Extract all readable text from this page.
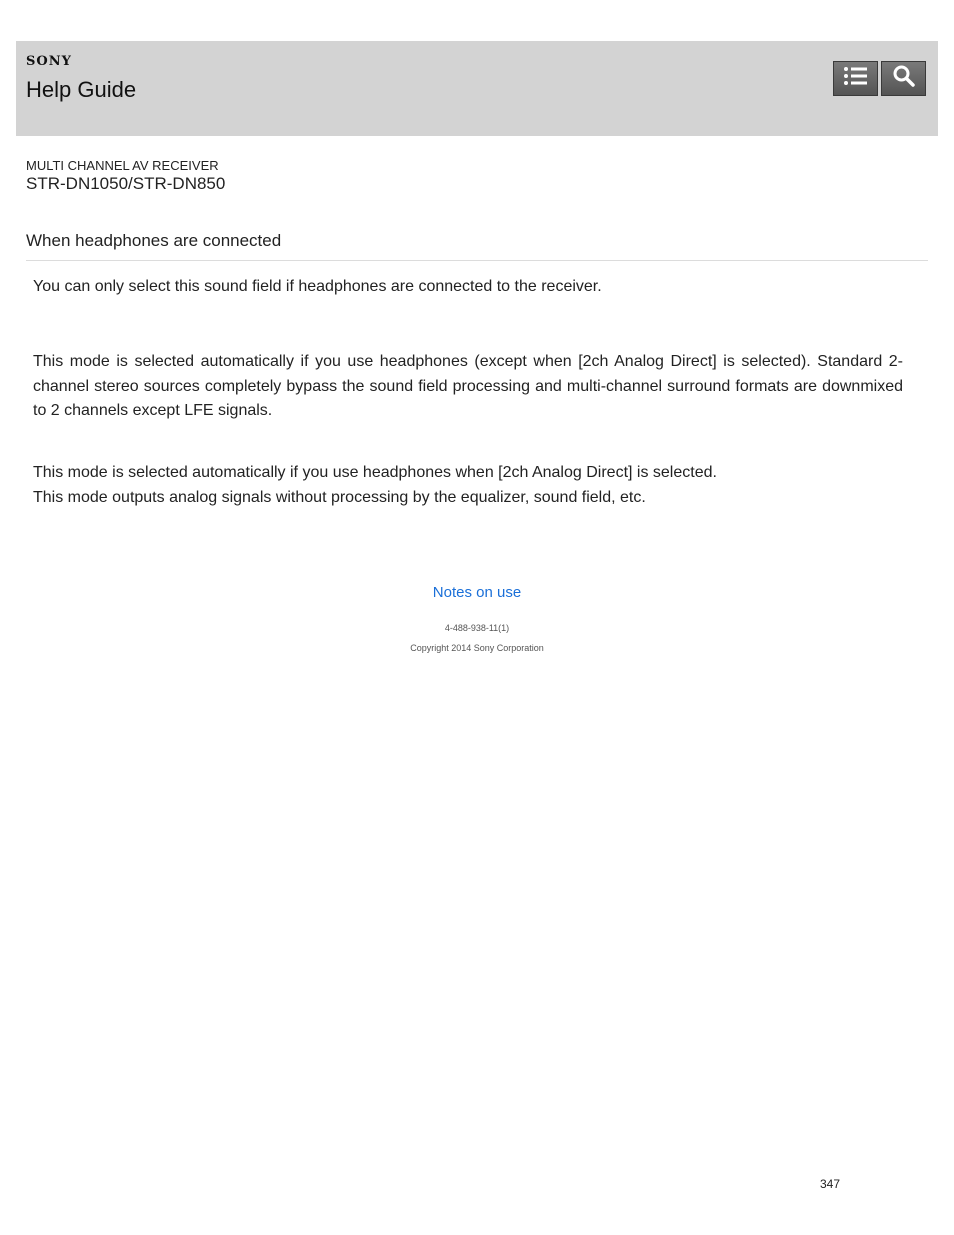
SONY
Help Guide
MULTI CHANNEL AV RECEIVER
STR-DN1050/STR-DN850
When headphones are connected

You can only select this sound field if headphones are connected to the receiver.

This mode is selected automatically if you use headphones (except when [2ch Analog Direct] is selected). Standard 2-channel stereo sources completely bypass the sound field processing and multi-channel surround formats are downmixed to 2 channels except LFE signals.

This mode is selected automatically if you use headphones when [2ch Analog Direct] is selected.

This mode outputs analog signals without processing by the equalizer, sound field, etc.

Notes on use
4-488-938-11(1)
Copyright 2014 Sony Corporation
347
